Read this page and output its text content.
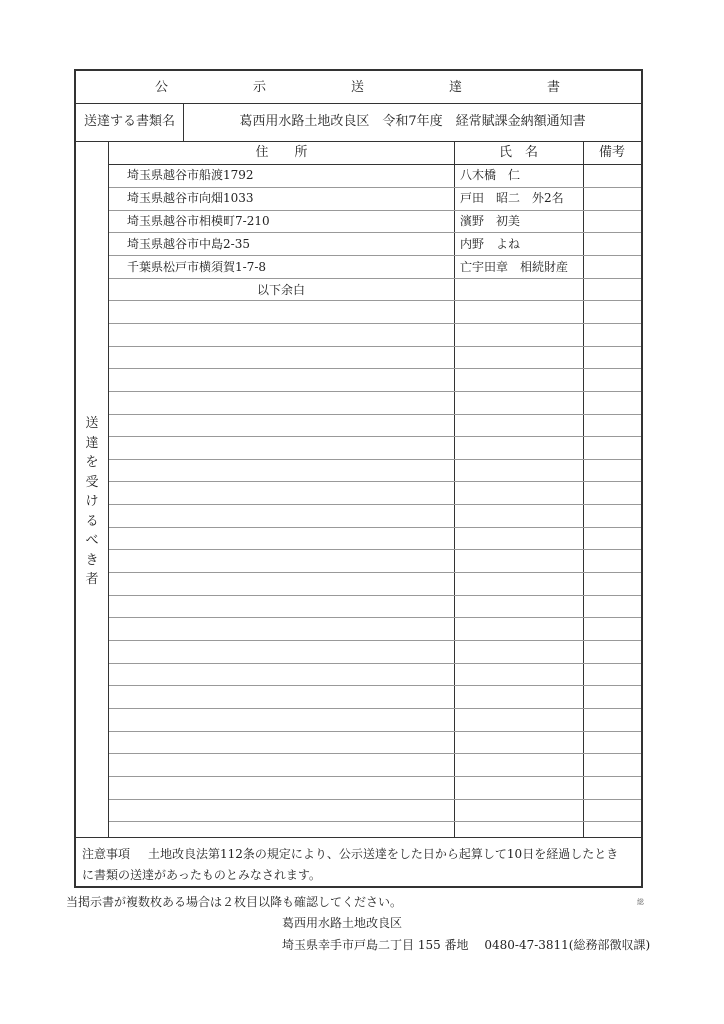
公	示	送	達	書
送達する書類名	葛西用水路土地改良区　令和7年度　経常賦課金納額通知書
送
達
を
受
け
る
べ
き
者
住　　所	氏　名	備考
埼玉県越谷市船渡1792	八木橋　仁
埼玉県越谷市向畑1033	戸田　昭二　外2名
埼玉県越谷市相模町7-210	濱野　初美
埼玉県越谷市中島2-35	内野　よね
千葉県松戸市横須賀1-7-8	亡宇田章　相続財産
以下余白
注意事項 土地改良法第112条の規定により、公示送達をした日から起算して10日を経過したとき
に書類の送達があったものとみなされます。
当掲示書が複数枚ある場合は２枚目以降も確認してください。	総
葛西用水路土地改良区
埼玉県幸手市戸島二丁目 155 番地　 0480-47-3811(総務部徴収課)
